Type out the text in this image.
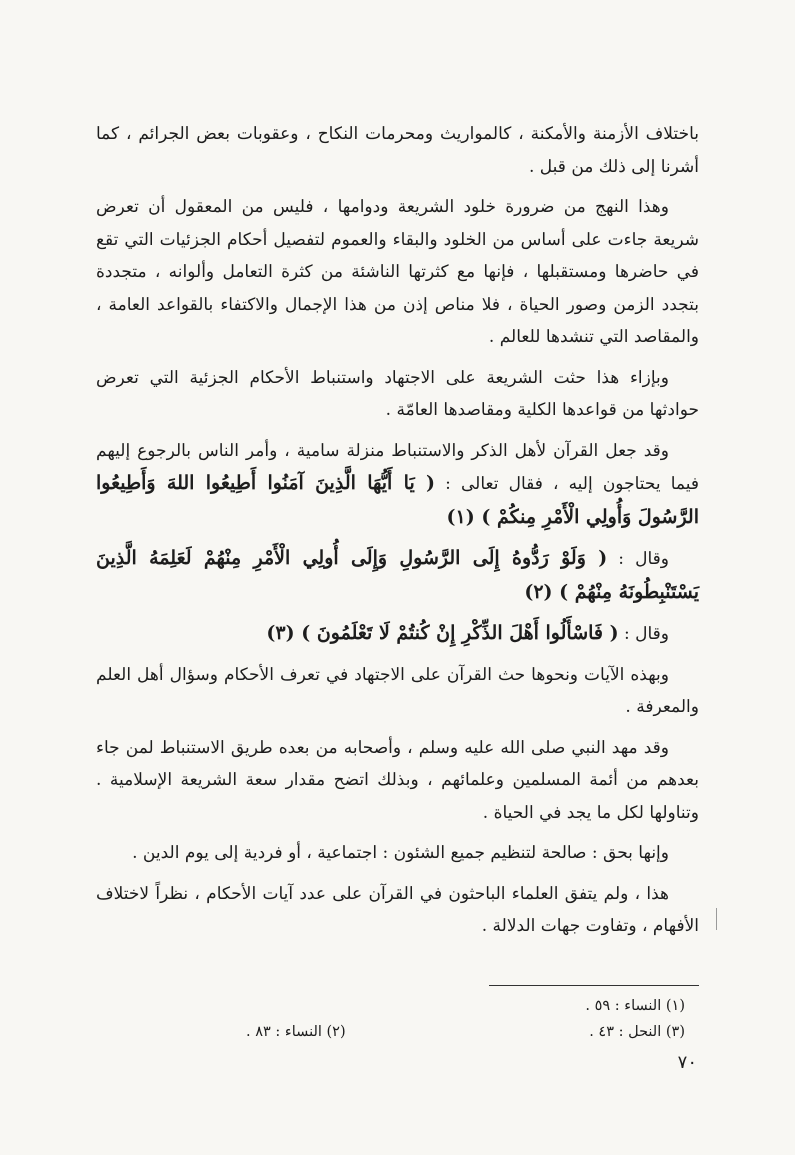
باختلاف الأزمنة والأمكنة ، كالمواريث ومحرمات النكاح ، وعقوبات بعض الجرائم ، كما أشرنا إلى ذلك من قبل .

وهذا النهج من ضرورة خلود الشريعة ودوامها ، فليس من المعقول أن تعرض شريعة جاءت على أساس من الخلود والبقاء والعموم لتفصيل أحكام الجزئيات التي تقع في حاضرها ومستقبلها ، فإنها مع كثرتها الناشئة من كثرة التعامل وألوانه ، متجددة بتجدد الزمن وصور الحياة ، فلا مناص إذن من هذا الإجمال والاكتفاء بالقواعد العامة ، والمقاصد التي تنشدها للعالم .

وبإزاء هذا حثت الشريعة على الاجتهاد واستنباط الأحكام الجزئية التي تعرض حوادثها من قواعدها الكلية ومقاصدها العامّة .

وقد جعل القرآن لأهل الذكر والاستنباط منزلة سامية ، وأمر الناس بالرجوع إليهم فيما يحتاجون إليه ، فقال تعالى : ( يَا أَيُّهَا الَّذِينَ آمَنُوا أَطِيعُوا اللهَ وَأَطِيعُوا الرَّسُولَ وَأُولِي الْأَمْرِ مِنكُمْ ) (١)

وقال : ( وَلَوْ رَدُّوهُ إِلَى الرَّسُولِ وَإِلَى أُولِي الْأَمْرِ مِنْهُمْ لَعَلِمَهُ الَّذِينَ يَسْتَنْبِطُونَهُ مِنْهُمْ ) (٢)

وقال : ( فَاسْأَلُوا أَهْلَ الذِّكْرِ إِنْ كُنتُمْ لَا تَعْلَمُونَ ) (٣)

وبهذه الآيات ونحوها حث القرآن على الاجتهاد في تعرف الأحكام وسؤال أهل العلم والمعرفة .

وقد مهد النبي صلى الله عليه وسلم ، وأصحابه من بعده طريق الاستنباط لمن جاء بعدهم من أئمة المسلمين وعلمائهم ، وبذلك اتضح مقدار سعة الشريعة الإسلامية . وتناولها لكل ما يجد في الحياة .

وإنها بحق : صالحة لتنظيم جميع الشئون : اجتماعية ، أو فردية إلى يوم الدين .

هذا ، ولم يتفق العلماء الباحثون في القرآن على عدد آيات الأحكام ، نظراً لاختلاف الأفهام ، وتفاوت جهات الدلالة .

(١) النساء : ٥٩ .
(٣) النحل : ٤٣ .
(٢) النساء : ٨٣ .
٧٠
